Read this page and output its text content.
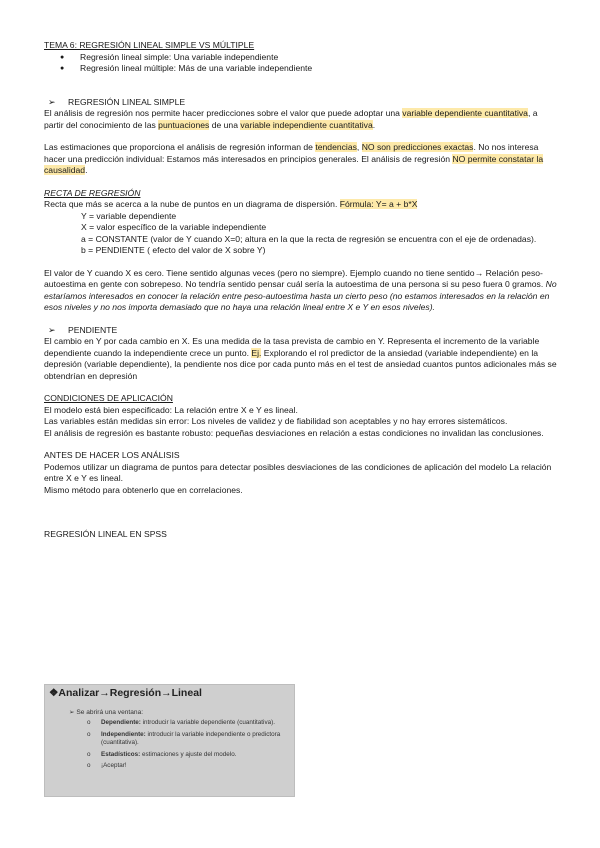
TEMA 6: REGRESIÓN LINEAL SIMPLE VS MÚLTIPLE

● Regresión lineal simple: Una variable independiente
● Regresión lineal múltiple: Más de una variable independiente
➢	REGRESIÓN LINEAL SIMPLE

El análisis de regresión nos permite hacer predicciones sobre el valor que puede adoptar una variable dependiente cuantitativa, a partir del conocimiento de las puntuaciones de una variable independiente cuantitativa.

Las estimaciones que proporciona el análisis de regresión informan de tendencias, NO son predicciones exactas. No nos interesa hacer una predicción individual: Estamos más interesados en principios generales. El análisis de regresión NO permite constatar la causalidad.

RECTA DE REGRESIÓN

Recta que más se acerca a la nube de puntos en un diagrama de dispersión. Fórmula: Y= a + b*X

Y = variable dependiente

X = valor específico de la variable independiente

a = CONSTANTE (valor de Y cuando X=0; altura en la que la recta de regresión se encuentra con el eje de ordenadas).

b = PENDIENTE ( efecto del valor de X sobre Y)

El valor de Y cuando X es cero. Tiene sentido algunas veces (pero no siempre). Ejemplo cuando no tiene sentido→ Relación peso-autoestima en gente con sobrepeso. No tendría sentido pensar cuál sería la autoestima de una persona si su peso fuera 0 gramos. No estaríamos interesados en conocer la relación entre peso-autoestima hasta un cierto peso (no estamos interesados en la relación en esos niveles y no nos importa demasiado que no haya una relación lineal entre X e Y en esos niveles).

➢	PENDIENTE

El cambio en Y por cada cambio en X. Es una medida de la tasa prevista de cambio en Y. Representa el incremento de la variable dependiente cuando la independiente crece un punto. Ej. Explorando el rol predictor de la ansiedad (variable independiente) en la depresión (variable dependiente), la pendiente nos dice por cada punto más en el test de ansiedad cuantos puntos adicionales más se obtendrían en depresión

CONDICIONES DE APLICACIÓN

El modelo está bien especificado: La relación entre X e Y es lineal.

Las variables están medidas sin error: Los niveles de validez y de fiabilidad son aceptables y no hay errores sistemáticos.

El análisis de regresión es bastante robusto: pequeñas desviaciones en relación a estas condiciones no invalidan las conclusiones.

ANTES DE HACER LOS ANÁLISIS

Podemos utilizar un diagrama de puntos para detectar posibles desviaciones de las condiciones de aplicación del modelo La relación entre X e Y es lineal.

Mismo método para obtenerlo que en correlaciones.

REGRESIÓN LINEAL EN SPSS

❖Analizar→Regresión→Lineal
➢ Se abrirá una ventana:
o Dependiente: introducir la variable dependiente (cuantitativa).
o Independiente: introducir la variable independiente o predictora (cuantitativa).
o Estadísticos: estimaciones y ajuste del modelo.
o ¡Aceptar!
